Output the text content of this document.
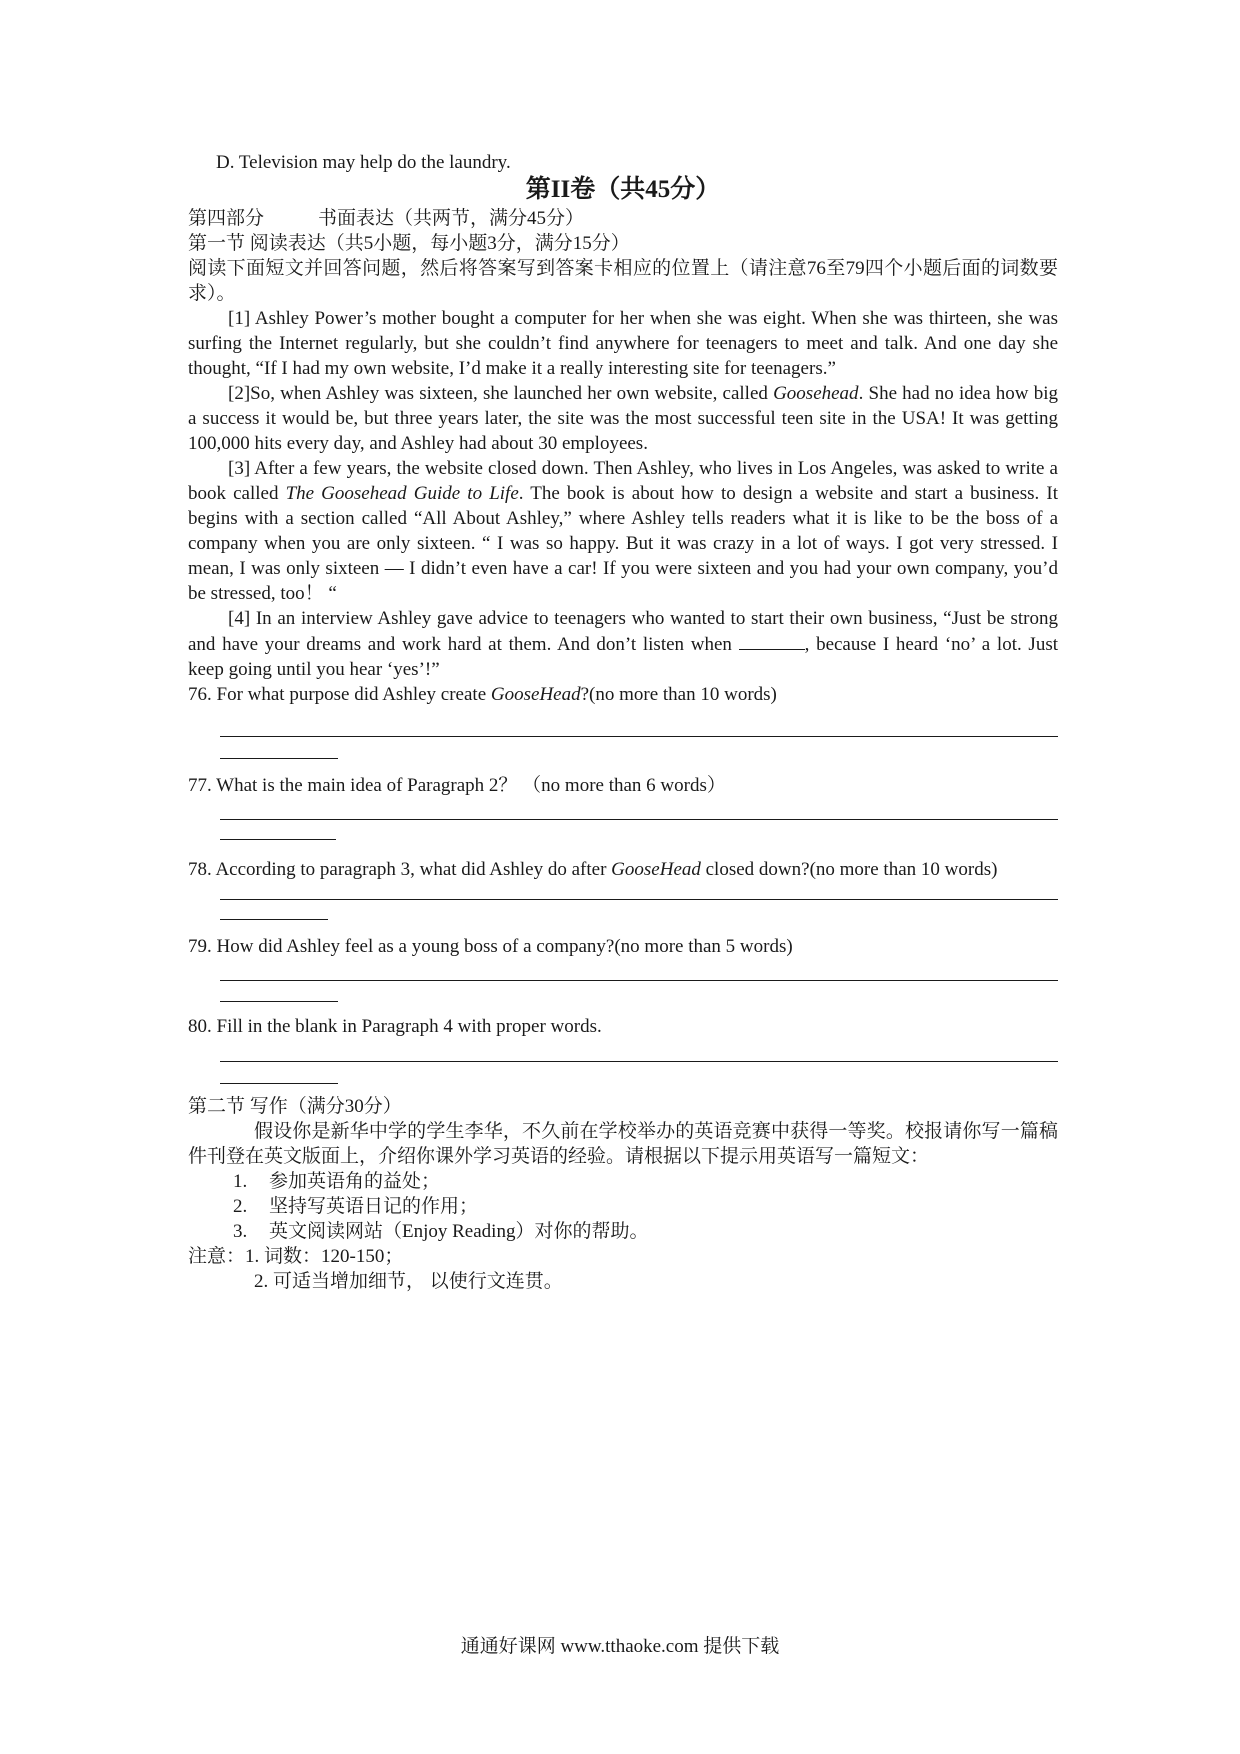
D. Television may help do the laundry.

第II卷（共45分）

第四部分	书面表达（共两节，满分45分）

第一节 阅读表达（共5小题，每小题3分，满分15分）

阅读下面短文并回答问题，然后将答案写到答案卡相应的位置上（请注意76至79四个小题后面的词数要求）。

[1] Ashley Power’s mother bought a computer for her when she was eight. When she was thirteen, she was surfing the Internet regularly, but she couldn’t find anywhere for teenagers to meet and talk. And one day she thought, “If I had my own website, I’d make it a really interesting site for teenagers.”

[2]So, when Ashley was sixteen, she launched her own website, called Goosehead. She had no idea how big a success it would be, but three years later, the site was the most successful teen site in the USA! It was getting 100,000 hits every day, and Ashley had about 30 employees.

[3] After a few years, the website closed down. Then Ashley, who lives in Los Angeles, was asked to write a book called The Goosehead Guide to Life. The book is about how to design a website and start a business. It begins with a section called “All About Ashley,” where Ashley tells readers what it is like to be the boss of a company when you are only sixteen. “ I was so happy. But it was crazy in a lot of ways. I got very stressed. I mean, I was only sixteen — I didn’t even have a car! If you were sixteen and you had your own company, you’d be stressed, too！ “

[4] In an interview Ashley gave advice to teenagers who wanted to start their own business, “Just be strong and have your dreams and work hard at them. And don’t listen when	, because I heard ‘no’ a lot. Just keep going until you hear ‘yes’!”

76. For what purpose did Ashley create GooseHead?(no more than 10 words)

77. What is the main idea of Paragraph 2？ （no more than 6 words）

78. According to paragraph 3, what did Ashley do after GooseHead closed down?(no more than 10 words)

79. How did Ashley feel as a young boss of a company?(no more than 5 words)

80. Fill in the blank in Paragraph 4 with proper words.

第二节 写作（满分30分）

假设你是新华中学的学生李华，不久前在学校举办的英语竞赛中获得一等奖。校报请你写一篇稿件刊登在英文版面上，介绍你课外学习英语的经验。请根据以下提示用英语写一篇短文：

1. 参加英语角的益处；

2. 坚持写英语日记的作用；

3. 英文阅读网站（Enjoy Reading）对你的帮助。

注意：1. 词数：120-150；

2. 可适当增加细节， 以使行文连贯。

通通好课网 www.tthaoke.com 提供下载
